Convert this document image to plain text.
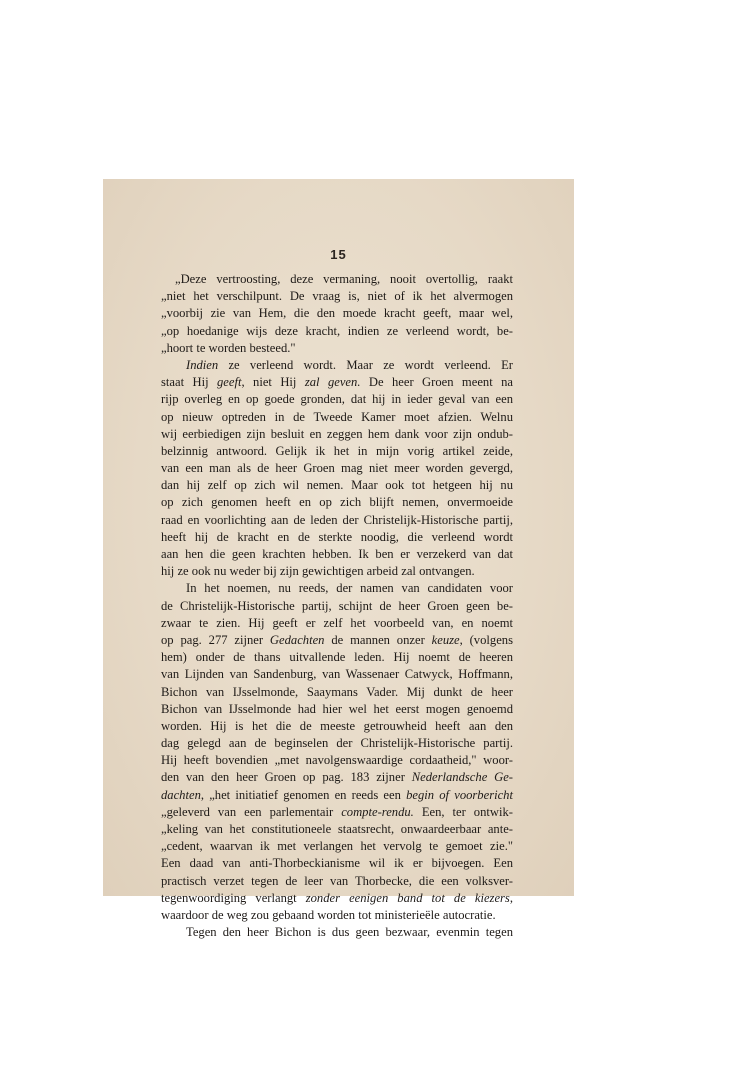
15
„Deze vertroosting, deze vermaning, nooit overtollig, raakt
„niet het verschilpunt. De vraag is, niet of ik het alvermogen
„voorbij zie van Hem, die den moede kracht geeft, maar wel,
„op hoedanige wijs deze kracht, indien ze verleend wordt, be-
„hoort te worden besteed."
Indien ze verleend wordt. Maar ze wordt verleend. Er
staat Hij geeft, niet Hij zal geven. De heer Groen meent na
rijp overleg en op goede gronden, dat hij in ieder geval van een
op nieuw optreden in de Tweede Kamer moet afzien. Welnu
wij eerbiedigen zijn besluit en zeggen hem dank voor zijn ondub-
belzinnig antwoord. Gelijk ik het in mijn vorig artikel zeide,
van een man als de heer Groen mag niet meer worden gevergd,
dan hij zelf op zich wil nemen. Maar ook tot hetgeen hij nu
op zich genomen heeft en op zich blijft nemen, onvermoeide
raad en voorlichting aan de leden der Christelijk-Historische partij,
heeft hij de kracht en de sterkte noodig, die verleend wordt
aan hen die geen krachten hebben. Ik ben er verzekerd van dat
hij ze ook nu weder bij zijn gewichtigen arbeid zal ontvangen.
In het noemen, nu reeds, der namen van candidaten voor
de Christelijk-Historische partij, schijnt de heer Groen geen be-
zwaar te zien. Hij geeft er zelf het voorbeeld van, en noemt
op pag. 277 zijner Gedachten de mannen onzer keuze, (volgens
hem) onder de thans uitvallende leden. Hij noemt de heeren
van Lijnden van Sandenburg, van Wassenaer Catwyck, Hoffmann,
Bichon van IJsselmonde, Saaymans Vader. Mij dunkt de heer
Bichon van IJsselmonde had hier wel het eerst mogen genoemd
worden. Hij is het die de meeste getrouwheid heeft aan den
dag gelegd aan de beginselen der Christelijk-Historische partij.
Hij heeft bovendien „met navolgenswaardige cordaatheid," woor-
den van den heer Groen op pag. 183 zijner Nederlandsche Ge-
dachten, „het initiatief genomen en reeds een begin of voorbericht
„geleverd van een parlementair compte-rendu. Een, ter ontwik-
„keling van het constitutioneele staatsrecht, onwaardeerbaar ante-
„cedent, waarvan ik met verlangen het vervolg te gemoet zie."
Een daad van anti-Thorbeckianisme wil ik er bijvoegen. Een
practisch verzet tegen de leer van Thorbecke, die een volksver-
tegenwoordiging verlangt zonder eenigen band tot de kiezers,
waardoor de weg zou gebaand worden tot ministerieële autocratie.
Tegen den heer Bichon is dus geen bezwaar, evenmin tegen
